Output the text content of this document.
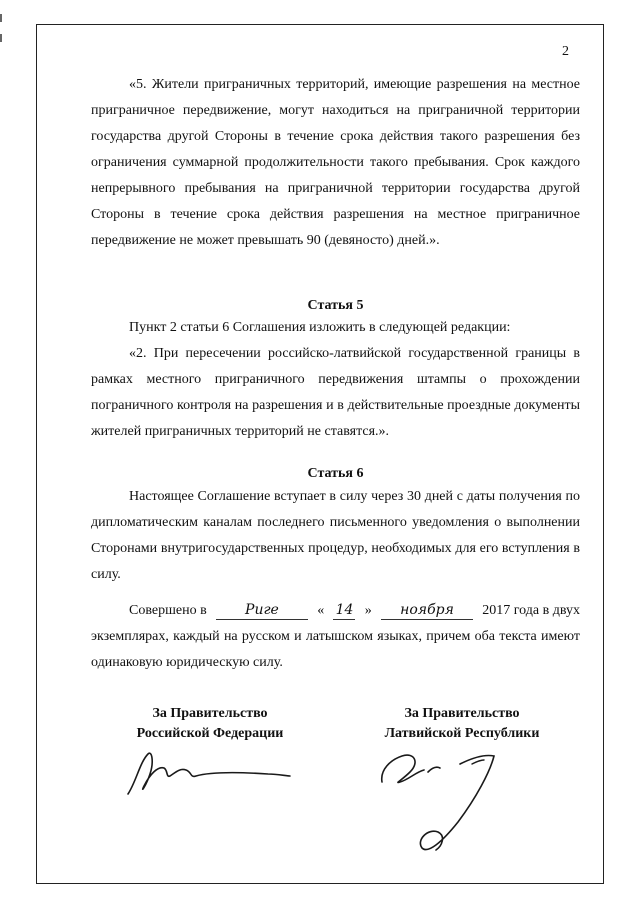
2

«5. Жители приграничных территорий, имеющие разрешения на местное приграничное передвижение, могут находиться на приграничной территории государства другой Стороны в течение срока действия такого разрешения без ограничения суммарной продолжительности такого пребывания. Срок каждого непрерывного пребывания на приграничной территории государства другой Стороны в течение срока действия разрешения на местное приграничное передвижение не может превышать 90 (девяносто) дней.».

Статья 5

Пункт 2 статьи 6 Соглашения изложить в следующей редакции:

«2. При пересечении российско-латвийской государственной границы в рамках местного приграничного передвижения штампы о прохождении пограничного контроля на разрешения и в действительные проездные документы жителей приграничных территорий не ставятся.».

Статья 6

Настоящее Соглашение вступает в силу через 30 дней с даты получения по дипломатическим каналам последнего письменного уведомления о выполнении Сторонами внутригосударственных процедур, необходимых для его вступления в силу.

Совершено в	Риге	« 14 »	ноября	2017 года в двух

экземплярах, каждый на русском и латышском языках, причем оба текста имеют одинаковую юридическую силу.

За Правительство
Российской Федерации
За Правительство
Латвийской Республики
